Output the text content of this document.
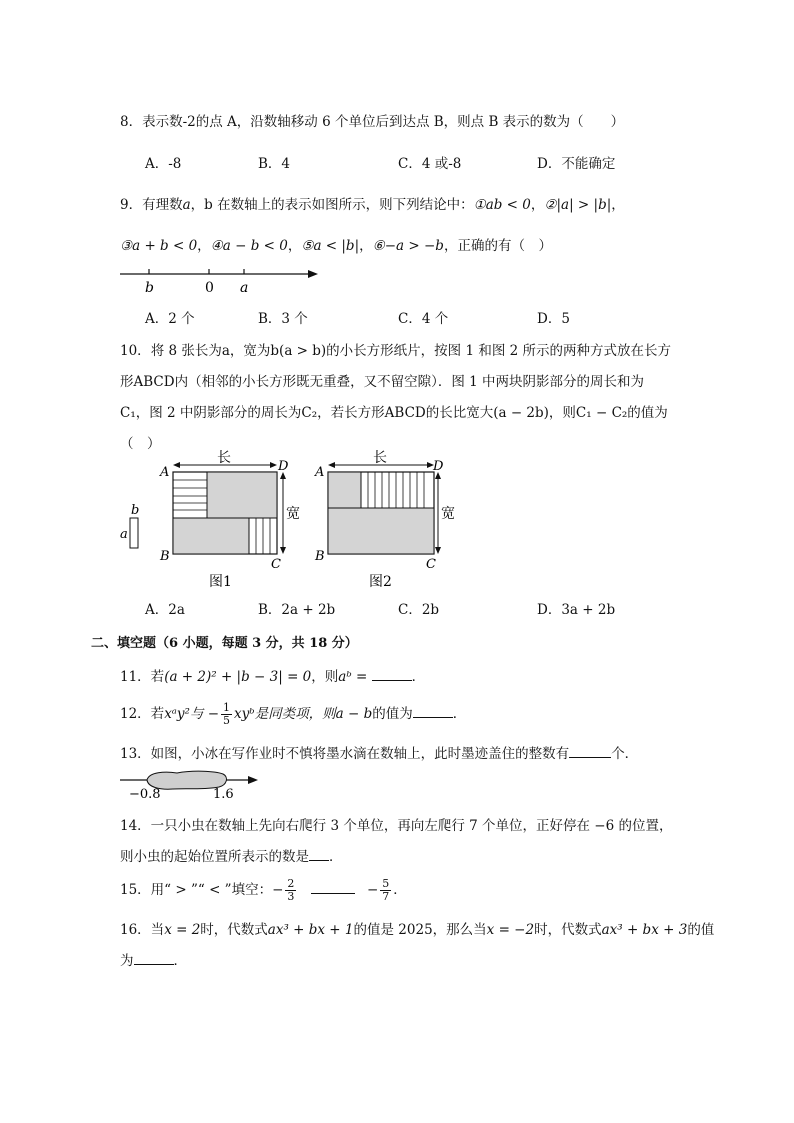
8．表示数-2的点 A，沿数轴移动 6 个单位后到达点 B，则点 B 表示的数为（　　）
A．-8	B．4	C．4 或-8	D．不能确定
9．有理数a，b 在数轴上的表示如图所示，则下列结论中：①ab < 0，②|a| > |b|，
③a + b < 0，④a − b < 0，⑤a < |b|，⑥−a > −b，正确的有（　）
b	0 a
A．2 个	B．3 个	C．4 个	D．5
10．将 8 张长为a，宽为b(a > b)的小长方形纸片，按图 1 和图 2 所示的两种方式放在长方
形ABCD内（相邻的小长方形既无重叠，又不留空隙）．图 1 中两块阴影部分的周长和为
C₁，图 2 中阴影部分的周长为C₂，若长方形ABCD的长比宽大(a − 2b)，则C₁ − C₂的值为
（　）
b
a
长
宽
A	D
B
C
图1
长
宽
A	D
B
C
图2
A．2a	B．2a + 2b	C．2b	D．3a + 2b
二、填空题（6 小题，每题 3 分，共 18 分）
11．若(a + 2)² + |b − 3| = 0，则aᵇ =	．
12．若xᵃy²与 − $\frac{1}{5}$ xyᵇ是同类项，则a − b的值为	．
13．如图，小冰在写作业时不慎将墨水滴在数轴上，此时墨迹盖住的整数有	个．
−0.8	1.6
14．一只小虫在数轴上先向右爬行 3 个单位，再向左爬行 7 个单位，正好停在 −6 的位置，
则小虫的起始位置所表示的数是 ．
15．用“ > ”“ < ”填空：− $\frac{2}{3}$	− $\frac{5}{7}$ ．
16．当x = 2时，代数式ax³ + bx + 1的值是 2025，那么当x = −2时，代数式ax³ + bx + 3的值
为	．
